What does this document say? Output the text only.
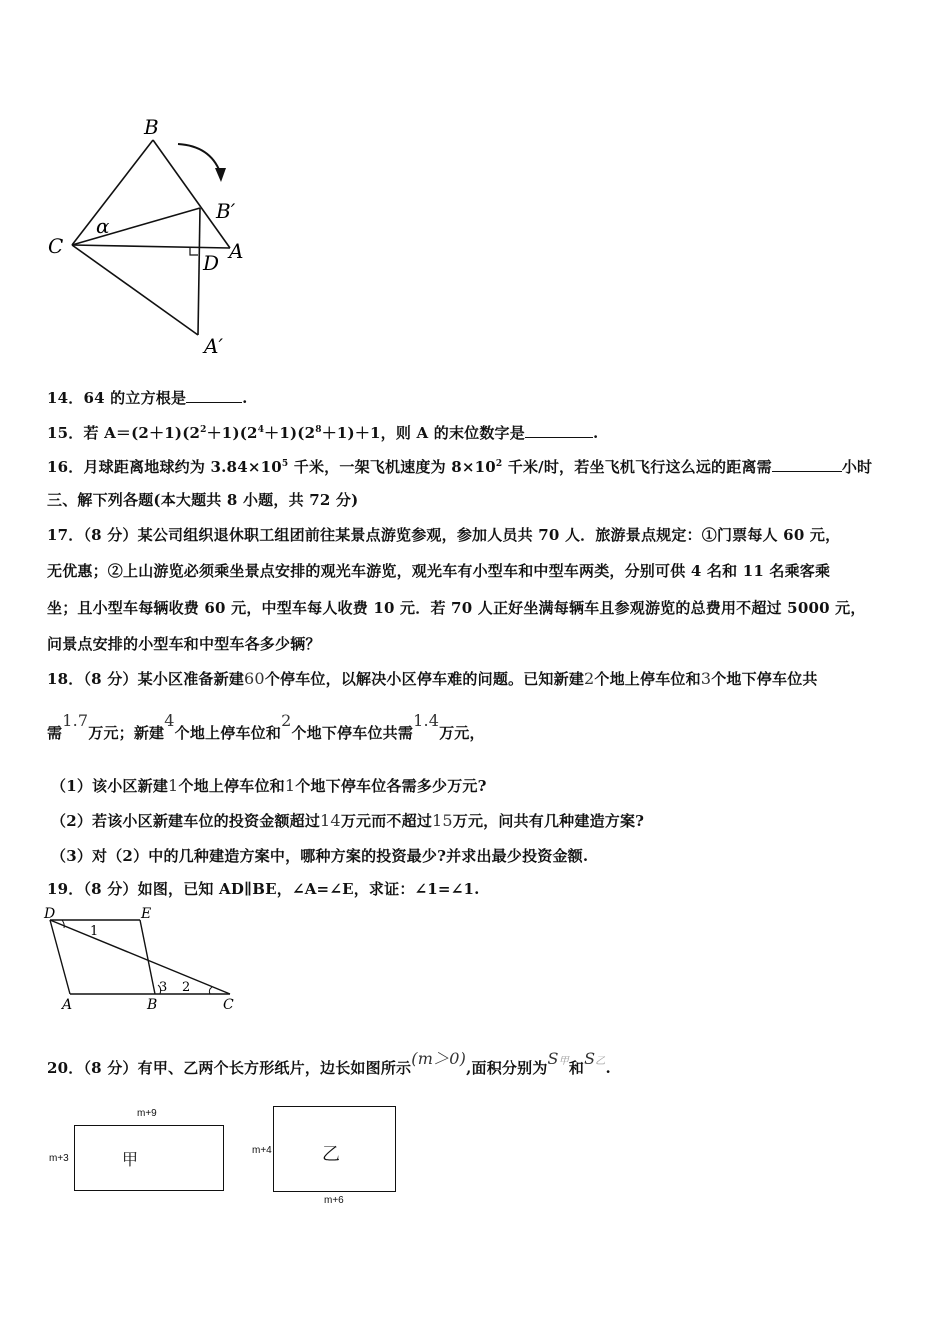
B
B′
C
α
D A
A′
14．64 的立方根是	.
15．若 $A=(2+1)(2^2+1)(2^4+1)(2^8+1)+1$，则 A 的末位数字是	.
16．月球距离地球约为 $3.84\times 10^5$ 千米，一架飞机速度为 $8\times 10^2$ 千米/时，若坐飞机飞行这么远的距离需	小时
三、解下列各题(本大题共 8 小题，共 72 分)
17．（8 分）某公司组织退休职工组团前往某景点游览参观，参加人员共 70 人．旅游景点规定：①门票每人 60 元，
无优惠；②上山游览必须乘坐景点安排的观光车游览，观光车有小型车和中型车两类，分别可供 4 名和 11 名乘客乘
坐；且小型车每辆收费 60 元，中型车每人收费 10 元．若 70 人正好坐满每辆车且参观游览的总费用不超过 5000 元，
问景点安排的小型车和中型车各多少辆？
18．（8 分）某小区准备新建60个停车位，以解决小区停车难的问题。已知新建2个地上停车位和3个地下停车位共
需1.7万元；新建4个地上停车位和2个地下停车位共需1.4万元，
（1）该小区新建1个地上停车位和1个地下停车位各需多少万元?
（2）若该小区新建车位的投资金额超过14万元而不超过15万元，问共有几种建造方案?
（3）对（2）中的几种建造方案中，哪种方案的投资最少?并求出最少投资金额.
19．（8 分）如图，已知 AD∥BE，∠A=∠E，求证：∠1=∠1.
D	E
A	B	C
1
2
3
20．（8 分）有甲、乙两个长方形纸片，边长如图所示(m＞0),面积分别为S甲和S乙.
m+9
m+3	甲	m+4
m+6
乙
